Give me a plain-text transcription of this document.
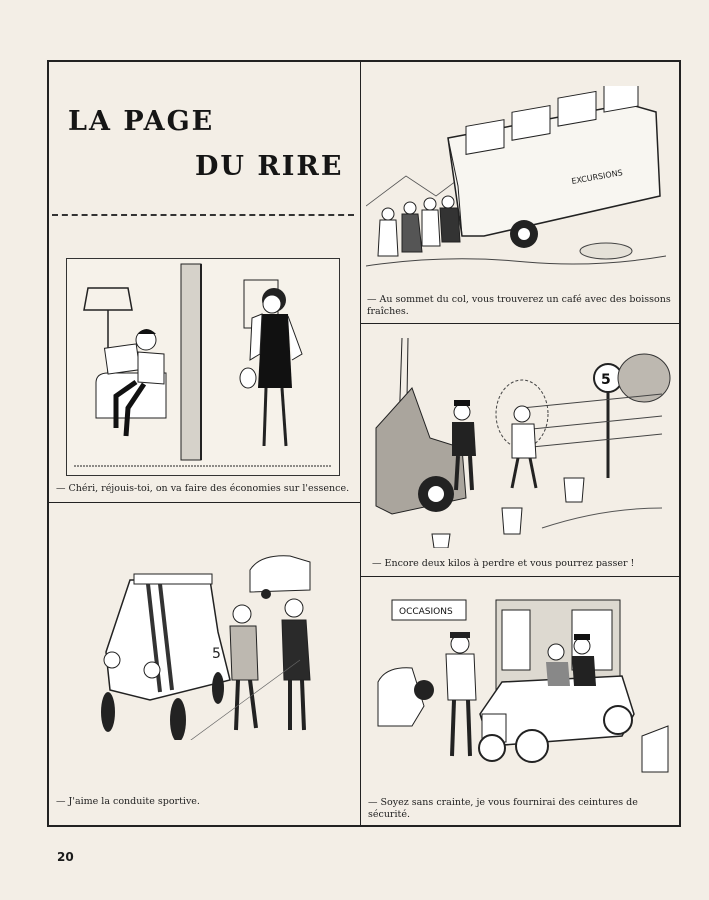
LA PAGE
DU RIRE
— Chéri, réjouis-toi, on va faire des économies sur l'essence.
5
— J'aime la conduite sportive.
EXCURSIONS
— Au sommet du col, vous trouverez un café avec des boissons fraîches.
5
— Encore deux kilos à perdre et vous pourrez passer !
OCCASIONS
— Soyez sans crainte, je vous fournirai des ceintures de sécurité.
20
